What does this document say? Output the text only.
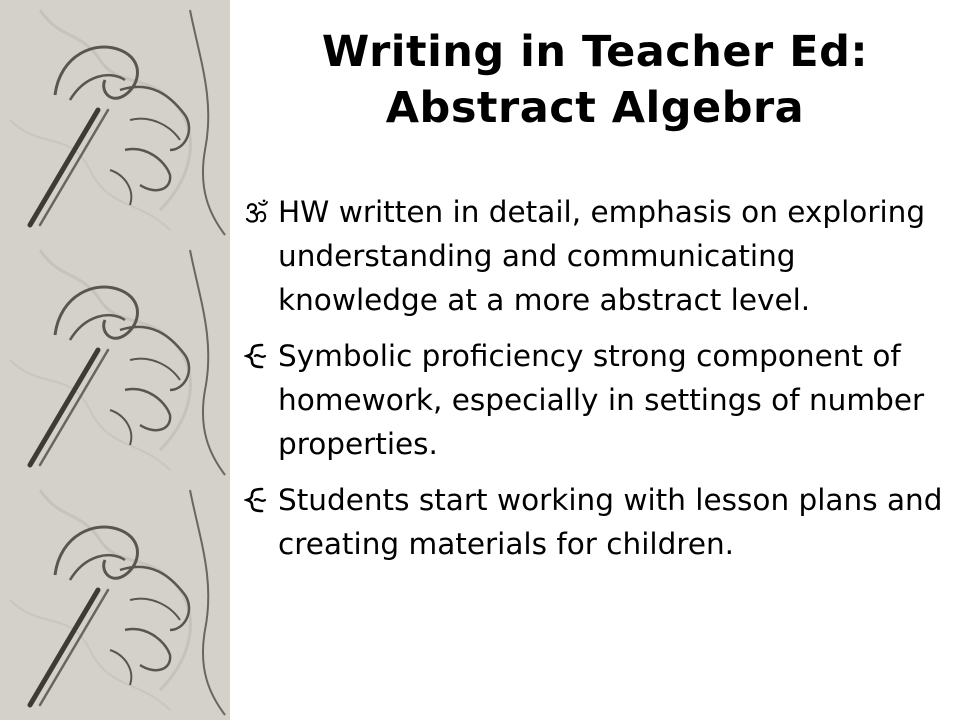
Writing in Teacher Ed: Abstract Algebra
HW written in detail, emphasis on exploring understanding and communicating knowledge at a more abstract level.
Symbolic proficiency strong component of homework, especially in settings of number properties.
Students start working with lesson plans and creating materials for children.
